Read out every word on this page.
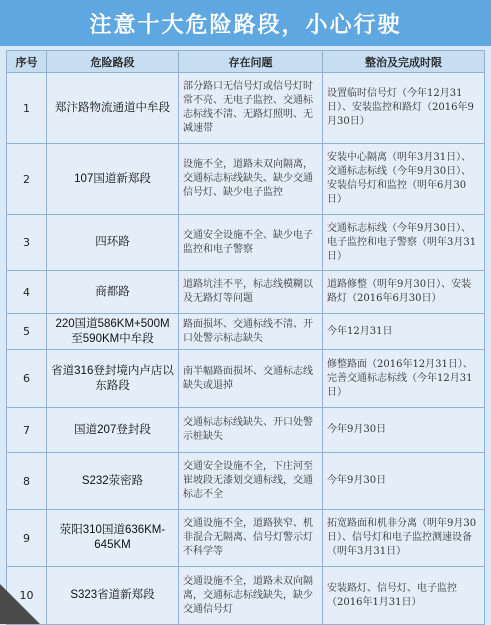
注意十大危险路段，小心行驶
序号	危险路段	存在问题	整治及完成时限
1	郑汴路物流通道中牟段	部分路口无信号灯或信号灯时常不亮、无电子监控、交通标志标线不清、无路灯照明、无减速带	设置临时信号灯（今年12月31日）、安装监控和路灯（2016年9月30日）
2	107国道新郑段	设施不全，道路未双向隔离，交通标志标线缺失、缺少交通信号灯、缺少电子监控	安装中心隔离（明年3月31日）、交通标志标线（今年9月30日）、安装信号灯和监控（明年6月30日）
3	四环路	交通安全设施不全、缺少电子监控和电子警察	交通标志标线（今年9月30日）、电子监控和电子警察（明年3月31日）
4	商都路	道路坑洼不平，标志线模糊以及无路灯等问题	道路修整（明年9月30日）、安装路灯（2016年6月30日）
5	220国道586KM+500M至590KM中牟段	路面损坏、交通标线不清、开口处警示标志缺失	今年12月31日
6	省道316登封境内卢店以东路段	南半幅路面损坏、交通标志线缺失或退掉	修整路面（2016年12月31日）、完善交通标志标线（今年12月31日）
7	国道207登封段	交通标志标线缺失、开口处警示桩缺失	今年9月30日
8	S232荥密路	交通安全设施不全，下庄河至崔坡段无漆划交通标线，交通标志不全	今年9月30日
9	荥阳310国道636KM-645KM	交通设施不全，道路狭窄、机非混合无隔离、信号灯警示灯不科学等	拓宽路面和机非分离（明年9月30日）、信号灯和电子监控测速设备（明年3月31日）
10	S323省道新郑段	交通设施不全，道路未双向隔离，交通标志标线缺失，缺少交通信号灯	安装路灯、信号灯、电子监控（2016年1月31日）
